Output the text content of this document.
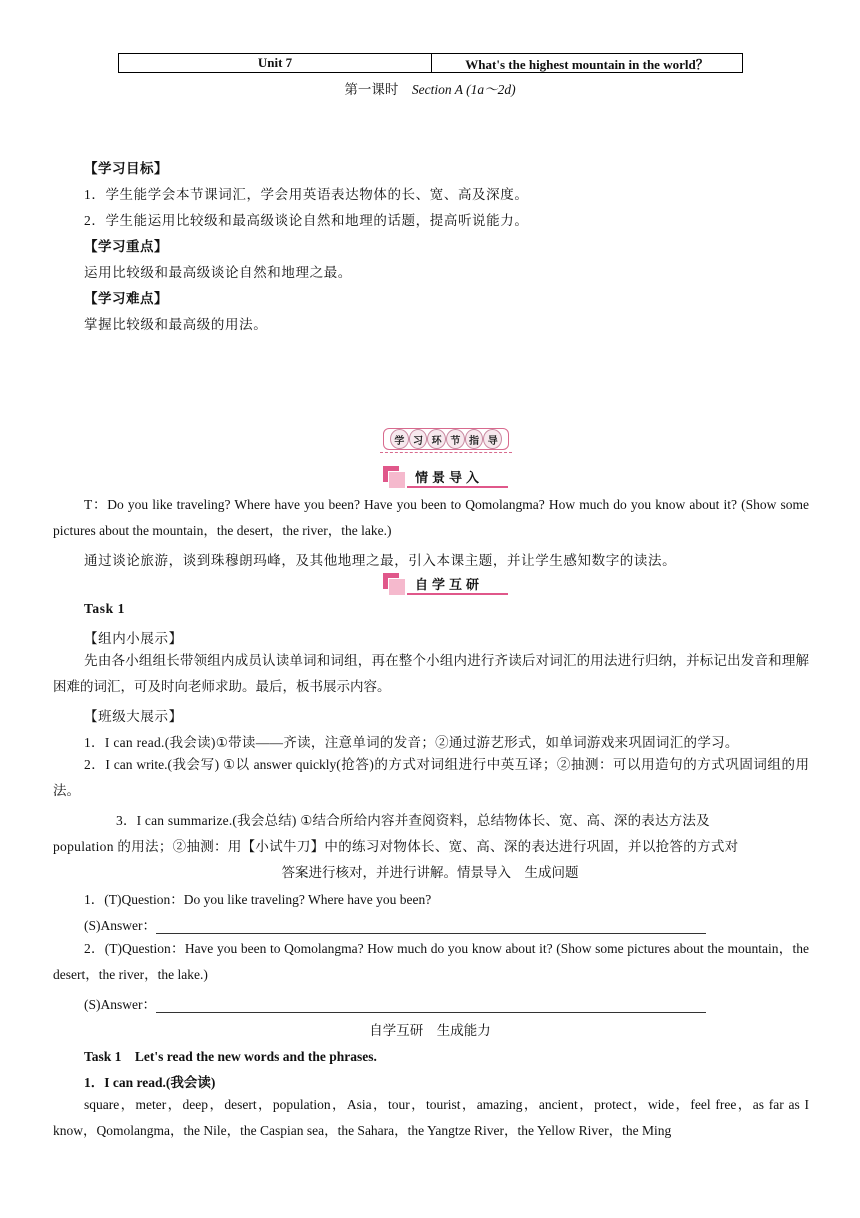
Unit 7	What's the highest mountain in the world？
第一课时 Section A (1a～2d)
【学习目标】
1．学生能学会本节课词汇，学会用英语表达物体的长、宽、高及深度。
2．学生能运用比较级和最高级谈论自然和地理的话题，提高听说能力。
【学习重点】
运用比较级和最高级谈论自然和地理之最。
【学习难点】
掌握比较级和最高级的用法。
学 习 环 节 指 导
情景导入
T：Do you like traveling? Where have you been? Have you been to Qomolangma? How much do you know about it? (Show some pictures about the mountain，the desert，the river，the lake.)
通过谈论旅游，谈到珠穆朗玛峰，及其他地理之最，引入本课主题，并让学生感知数字的读法。
自学互研
Task 1
【组内小展示】
先由各小组组长带领组内成员认读单词和词组，再在整个小组内进行齐读后对词汇的用法进行归纳，并标记出发音和理解困难的词汇，可及时向老师求助。最后，板书展示内容。
【班级大展示】
1．I can read.(我会读)①带读——齐读，注意单词的发音；②通过游艺形式，如单词游戏来巩固词汇的学习。
2．I can write.(我会写) ①以 answer quickly(抢答)的方式对词组进行中英互译；②抽测：可以用造句的方式巩固词组的用法。
3．I can summarize.(我会总结) ①结合所给内容并查阅资料，总结物体长、宽、高、深的表达方法及
population 的用法；②抽测：用【小试牛刀】中的练习对物体长、宽、高、深的表达进行巩固，并以抢答的方式对
答案进行核对，并进行讲解。情景导入　生成问题
1．(T)Question：Do you like traveling? Where have you been?
(S)Answer：
2．(T)Question：Have you been to Qomolangma? How much do you know about it? (Show some pictures about the mountain，the desert，the river，the lake.)
(S)Answer：
自学互研　生成能力
Task 1　Let's read the new words and the phrases.
1．I can read.(我会读)
square，meter，deep，desert，population，Asia，tour，tourist，amazing，ancient，protect，wide，feel free，as far as I know，Qomolangma，the Nile，the Caspian sea，the Sahara，the Yangtze River，the Yellow River，the Ming
